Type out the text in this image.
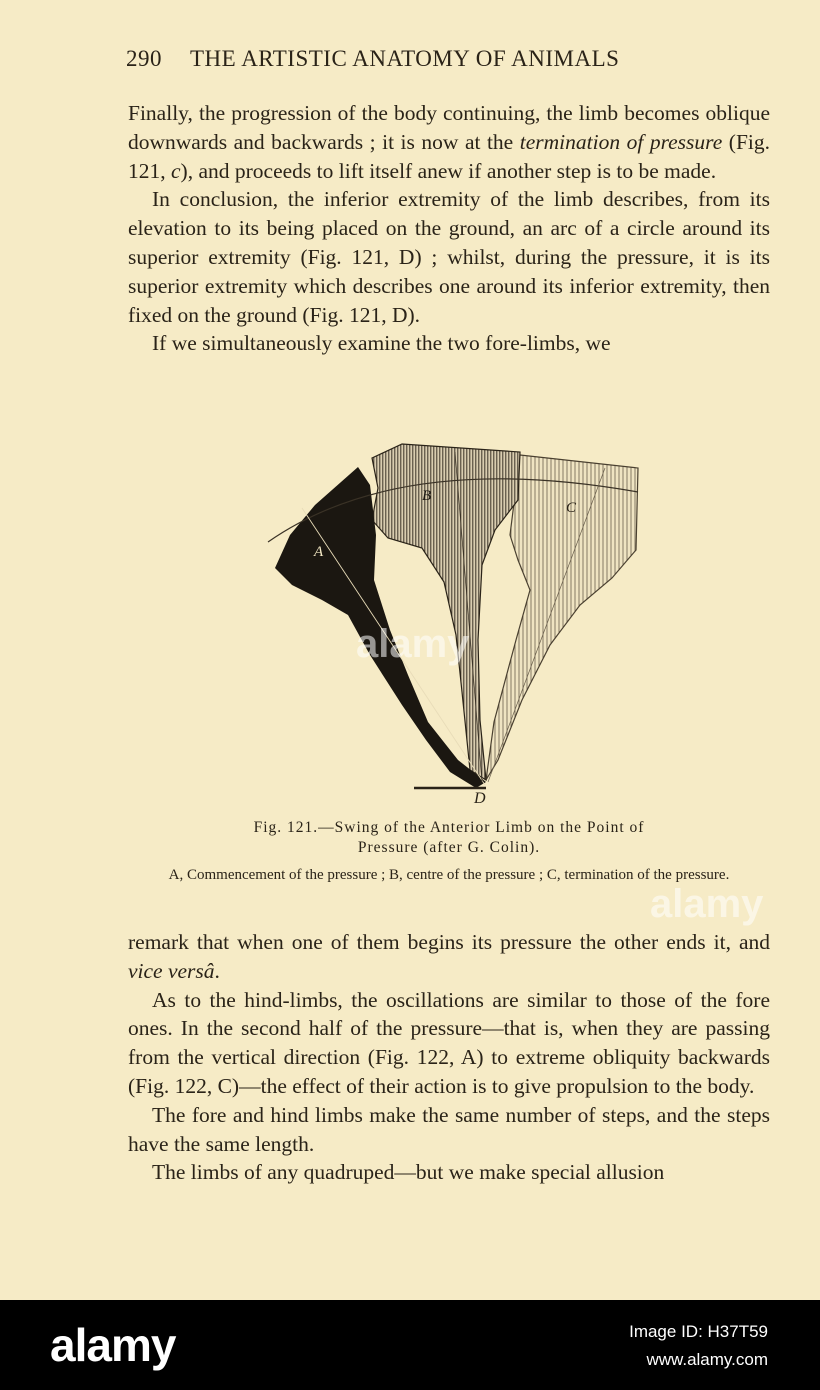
290 THE ARTISTIC ANATOMY OF ANIMALS

Finally, the progression of the body continuing, the limb becomes oblique downwards and backwards ; it is now at the termination of pressure (Fig. 121, c), and proceeds to lift itself anew if another step is to be made.

In conclusion, the inferior extremity of the limb describes, from its elevation to its being placed on the ground, an arc of a circle around its superior extremity (Fig. 121, D) ; whilst, during the pressure, it is its superior extremity which describes one around its inferior extremity, then fixed on the ground (Fig. 121, D).

If we simultaneously examine the two fore-limbs, we

A
B
C
D
Fig. 121.—Swing of the Anterior Limb on the Point of
Pressure (after G. Colin).
A, Commencement of the pressure ; B, centre of the pressure ; C, termination of the pressure.

remark that when one of them begins its pressure the other ends it, and vice versâ.

As to the hind-limbs, the oscillations are similar to those of the fore ones. In the second half of the pressure—that is, when they are passing from the vertical direction (Fig. 122, A) to extreme obliquity backwards (Fig. 122, C)—the effect of their action is to give propulsion to the body.

The fore and hind limbs make the same number of steps, and the steps have the same length.

The limbs of any quadruped—but we make special allusion

alamy
alamy
alamy	Image ID: H37T59
www.alamy.com
